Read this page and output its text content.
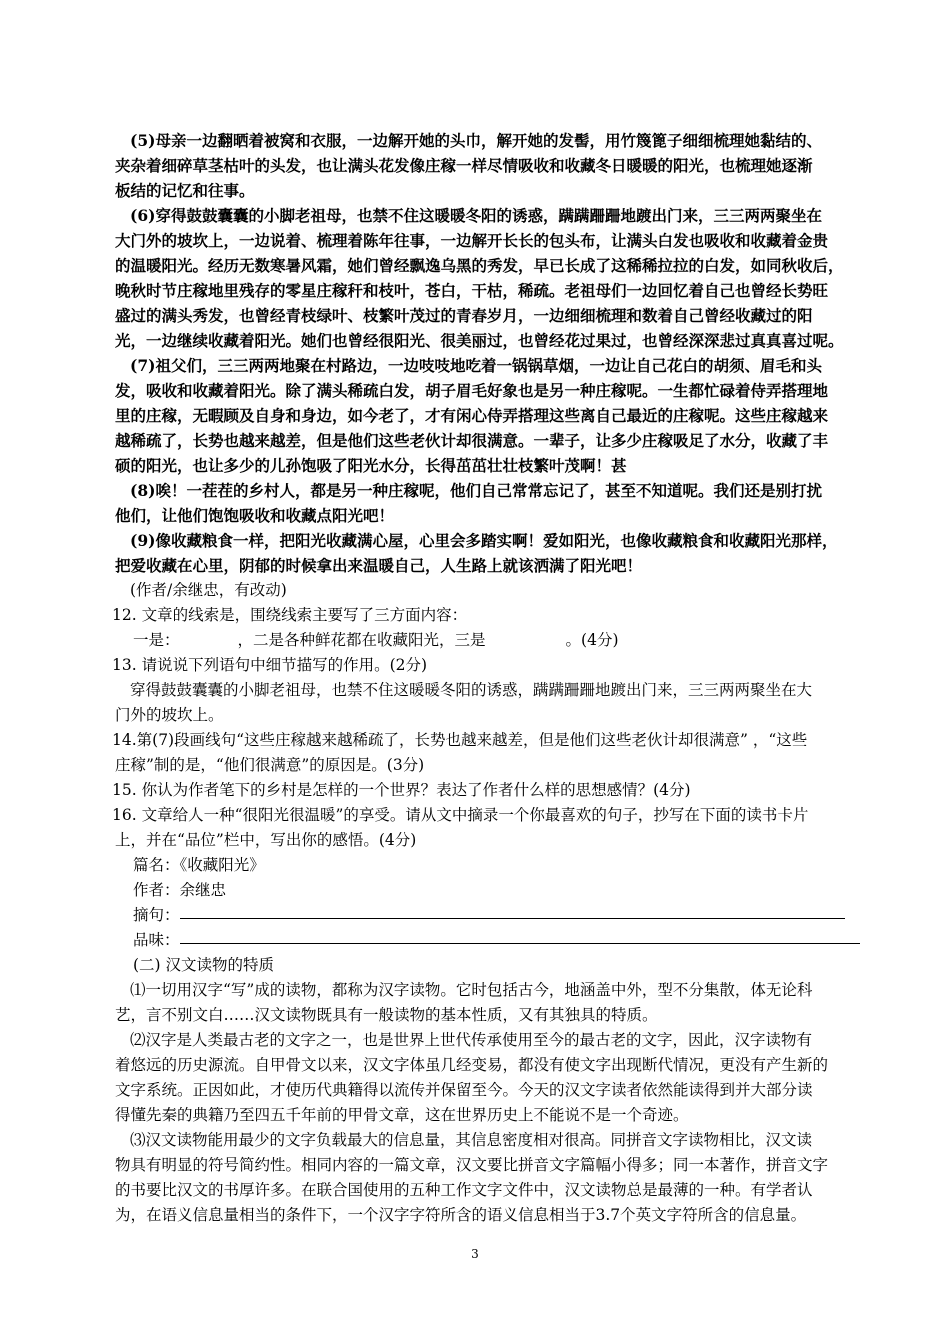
(5)母亲一边翻晒着被窝和衣服，一边解开她的头巾，解开她的发髻，用竹篾篦子细细梳理她黏结的、
夹杂着细碎草茎枯叶的头发，也让满头花发像庄稼一样尽情吸收和收藏冬日暖暖的阳光，也梳理她逐渐
板结的记忆和往事。
(6)穿得鼓鼓囊囊的小脚老祖母，也禁不住这暖暖冬阳的诱惑，蹒蹒跚跚地踱出门来，三三两两聚坐在
大门外的坡坎上，一边说着、梳理着陈年往事，一边解开长长的包头布，让满头白发也吸收和收藏着金贵
的温暖阳光。经历无数寒暑风霜，她们曾经飘逸乌黑的秀发，早已长成了这稀稀拉拉的白发，如同秋收后，
晚秋时节庄稼地里残存的零星庄稼秆和枝叶，苍白，干枯，稀疏。老祖母们一边回忆着自己也曾经长势旺
盛过的满头秀发，也曾经青枝绿叶、枝繁叶茂过的青春岁月，一边细细梳理和数着自己曾经收藏过的阳
光，一边继续收藏着阳光。她们也曾经很阳光、很美丽过，也曾经花过果过，也曾经深深悲过真真喜过呢。
(7)祖父们，三三两两地聚在村路边，一边吱吱地吃着一锅锅草烟，一边让自己花白的胡须、眉毛和头
发，吸收和收藏着阳光。除了满头稀疏白发，胡子眉毛好象也是另一种庄稼呢。一生都忙碌着侍弄搭理地
里的庄稼，无暇顾及自身和身边，如今老了，才有闲心侍弄搭理这些离自己最近的庄稼呢。这些庄稼越来
越稀疏了，长势也越来越差，但是他们这些老伙计却很满意。一辈子，让多少庄稼吸足了水分，收藏了丰
硕的阳光，也让多少的儿孙饱吸了阳光水分，长得茁茁壮壮枝繁叶茂啊！甚
(8)唉！一茬茬的乡村人，都是另一种庄稼呢，他们自己常常忘记了，甚至不知道呢。我们还是别打扰
他们，让他们饱饱吸收和收藏点阳光吧！
(9)像收藏粮食一样，把阳光收藏满心屋，心里会多踏实啊！爱如阳光，也像收藏粮食和收藏阳光那样，
把爱收藏在心里，阴郁的时候拿出来温暖自己，人生路上就该洒满了阳光吧！
(作者/余继忠，有改动)
12. 文章的线索是，围绕线索主要写了三方面内容：
一是：	，二是各种鲜花都在收藏阳光，三是	。(4分)
13. 请说说下列语句中细节描写的作用。(2分)
穿得鼓鼓囊囊的小脚老祖母，也禁不住这暖暖冬阳的诱惑，蹒蹒跚跚地踱出门来，三三两两聚坐在大
门外的坡坎上。
14.第(7)段画线句“这些庄稼越来越稀疏了，长势也越来越差，但是他们这些老伙计却很满意” ，“这些
庄稼”制的是，“他们很满意”的原因是。(3分)
15. 你认为作者笔下的乡村是怎样的一个世界？表达了作者什么样的思想感情？(4分)
16. 文章给人一种“很阳光很温暖”的享受。请从文中摘录一个你最喜欢的句子，抄写在下面的读书卡片
上，并在“品位”栏中，写出你的感悟。(4分)
篇名：《收藏阳光》
作者：余继忠
摘句：
品味：
(二) 汉文读物的特质
⑴一切用汉字“写”成的读物，都称为汉字读物。它时包括古今，地涵盖中外，型不分集散，体无论科
艺，言不别文白……汉文读物既具有一般读物的基本性质，又有其独具的特质。
⑵汉字是人类最古老的文字之一，也是世界上世代传承使用至今的最古老的文字，因此，汉字读物有
着悠远的历史源流。自甲骨文以来，汉文字体虽几经变易，都没有使文字出现断代情况，更没有产生新的
文字系统。正因如此，才使历代典籍得以流传并保留至今。今天的汉文字读者依然能读得到并大部分读
得懂先秦的典籍乃至四五千年前的甲骨文章，这在世界历史上不能说不是一个奇迹。
⑶汉文读物能用最少的文字负载最大的信息量，其信息密度相对很高。同拼音文字读物相比，汉文读
物具有明显的符号简约性。相同内容的一篇文章，汉文要比拼音文字篇幅小得多；同一本著作，拼音文字
的书要比汉文的书厚许多。在联合国使用的五种工作文字文件中，汉文读物总是最薄的一种。有学者认
为，在语义信息量相当的条件下，一个汉字字符所含的语义信息相当于3.7个英文字符所含的信息量。
3
